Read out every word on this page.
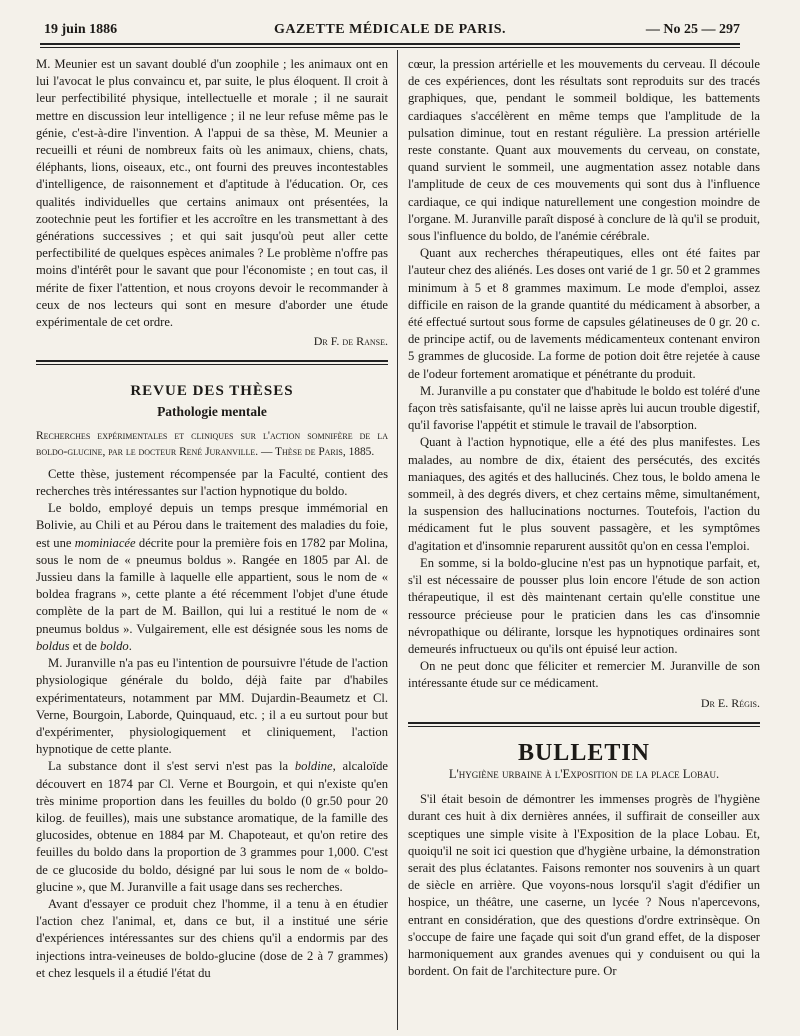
19 juin 1886	GAZETTE MÉDICALE DE PARIS.	— No 25 — 297

M. Meunier est un savant doublé d'un zoophile ; les animaux ont en lui l'avocat le plus convaincu et, par suite, le plus éloquent. Il croit à leur perfectibilité physique, intellectuelle et morale ; il ne saurait mettre en discussion leur intelligence ; il ne leur refuse même pas le génie, c'est-à-dire l'invention. A l'appui de sa thèse, M. Meunier a recueilli et réuni de nombreux faits où les animaux, chiens, chats, éléphants, lions, oiseaux, etc., ont fourni des preuves incontestables d'intelligence, de raisonnement et d'aptitude à l'éducation. Or, ces qualités individuelles que certains animaux ont présentées, la zootechnie peut les fortifier et les accroître en les transmettant à des générations successives ; et qui sait jusqu'où peut aller cette perfectibilité de quelques espèces animales ? Le problème n'offre pas moins d'intérêt pour le savant que pour l'économiste ; en tout cas, il mérite de fixer l'attention, et nous croyons devoir le recommander à ceux de nos lecteurs qui sont en mesure d'aborder une étude expérimentale de cet ordre.

Dr F. de Ranse.
REVUE DES THÈSES
Pathologie mentale

Recherches expérimentales et cliniques sur l'action somnifère de la boldo-glucine, par le docteur René Juranville. — Thèse de Paris, 1885.

Cette thèse, justement récompensée par la Faculté, contient des recherches très intéressantes sur l'action hypnotique du boldo.

Le boldo, employé depuis un temps presque immémorial en Bolivie, au Chili et au Pérou dans le traitement des maladies du foie, est une mominiacée décrite pour la première fois en 1782 par Molina, sous le nom de « pneumus boldus ». Rangée en 1805 par Al. de Jussieu dans la famille à laquelle elle appartient, sous le nom de « boldea fragrans », cette plante a été récemment l'objet d'une étude complète de la part de M. Baillon, qui lui a restitué le nom de « pneumus boldus ». Vulgairement, elle est désignée sous les noms de boldus et de boldo.

M. Juranville n'a pas eu l'intention de poursuivre l'étude de l'action physiologique générale du boldo, déjà faite par d'habiles expérimentateurs, notamment par MM. Dujardin-Beaumetz et Cl. Verne, Bourgoin, Laborde, Quinquaud, etc. ; il a eu surtout pour but d'expérimenter, physiologiquement et cliniquement, l'action hypnotique de cette plante.

La substance dont il s'est servi n'est pas la boldine, alcaloïde découvert en 1874 par Cl. Verne et Bourgoin, et qui n'existe qu'en très minime proportion dans les feuilles du boldo (0 gr.50 pour 20 kilog. de feuilles), mais une substance aromatique, de la famille des glucosides, obtenue en 1884 par M. Chapoteaut, et qu'on retire des feuilles du boldo dans la proportion de 3 grammes pour 1,000. C'est de ce glucoside du boldo, désigné par lui sous le nom de « boldo-glucine », que M. Juranville a fait usage dans ses recherches.

Avant d'essayer ce produit chez l'homme, il a tenu à en étudier l'action chez l'animal, et, dans ce but, il a institué une série d'expériences intéressantes sur des chiens qu'il a endormis par des injections intra-veineuses de boldo-glucine (dose de 2 à 7 grammes) et chez lesquels il a étudié l'état du

cœur, la pression artérielle et les mouvements du cerveau. Il découle de ces expériences, dont les résultats sont reproduits sur des tracés graphiques, que, pendant le sommeil boldique, les battements cardiaques s'accélèrent en même temps que l'amplitude de la pulsation diminue, tout en restant régulière. La pression artérielle reste constante. Quant aux mouvements du cerveau, on constate, quand survient le sommeil, une augmentation assez notable dans l'amplitude de ceux de ces mouvements qui sont dus à l'influence cardiaque, ce qui indique naturellement une congestion moindre de l'organe. M. Juranville paraît disposé à conclure de là qu'il se produit, sous l'influence du boldo, de l'anémie cérébrale.

Quant aux recherches thérapeutiques, elles ont été faites par l'auteur chez des aliénés. Les doses ont varié de 1 gr. 50 et 2 grammes minimum à 5 et 8 grammes maximum. Le mode d'emploi, assez difficile en raison de la grande quantité du médicament à absorber, a été effectué surtout sous forme de capsules gélatineuses de 0 gr. 20 c. de principe actif, ou de lavements médicamenteux contenant environ 5 grammes de glucoside. La forme de potion doit être rejetée à cause de l'odeur fortement aromatique et pénétrante du produit.

M. Juranville a pu constater que d'habitude le boldo est toléré d'une façon très satisfaisante, qu'il ne laisse après lui aucun trouble digestif, qu'il favorise l'appétit et stimule le travail de l'absorption.

Quant à l'action hypnotique, elle a été des plus manifestes. Les malades, au nombre de dix, étaient des persécutés, des excités maniaques, des agités et des hallucinés. Chez tous, le boldo amena le sommeil, à des degrés divers, et chez certains même, simultanément, la suspension des hallucinations nocturnes. Toutefois, l'action du médicament fut le plus souvent passagère, et les symptômes d'agitation et d'insomnie reparurent aussitôt qu'on en cessa l'emploi.

En somme, si la boldo-glucine n'est pas un hypnotique parfait, et, s'il est nécessaire de pousser plus loin encore l'étude de son action thérapeutique, il est dès maintenant certain qu'elle constitue une ressource précieuse pour le praticien dans les cas d'insomnie névropathique ou délirante, lorsque les hypnotiques ordinaires sont demeurés infructueux ou qu'ils ont épuisé leur action.

On ne peut donc que féliciter et remercier M. Juranville de son intéressante étude sur ce médicament.

Dr E. Régis.
BULLETIN
L'hygiène urbaine à l'Exposition de la place Lobau.

S'il était besoin de démontrer les immenses progrès de l'hygiène durant ces huit à dix dernières années, il suffirait de conseiller aux sceptiques une simple visite à l'Exposition de la place Lobau. Et, quoiqu'il ne soit ici question que d'hygiène urbaine, la démonstration serait des plus éclatantes. Faisons remonter nos souvenirs à un quart de siècle en arrière. Que voyons-nous lorsqu'il s'agit d'édifier un hospice, un théâtre, une caserne, un lycée ? Nous n'apercevons, entrant en considération, que des questions d'ordre extrinsèque. On s'occupe de faire une façade qui soit d'un grand effet, de la disposer harmoniquement aux grandes avenues qui y conduisent ou qui la bordent. On fait de l'architecture pure. Or
